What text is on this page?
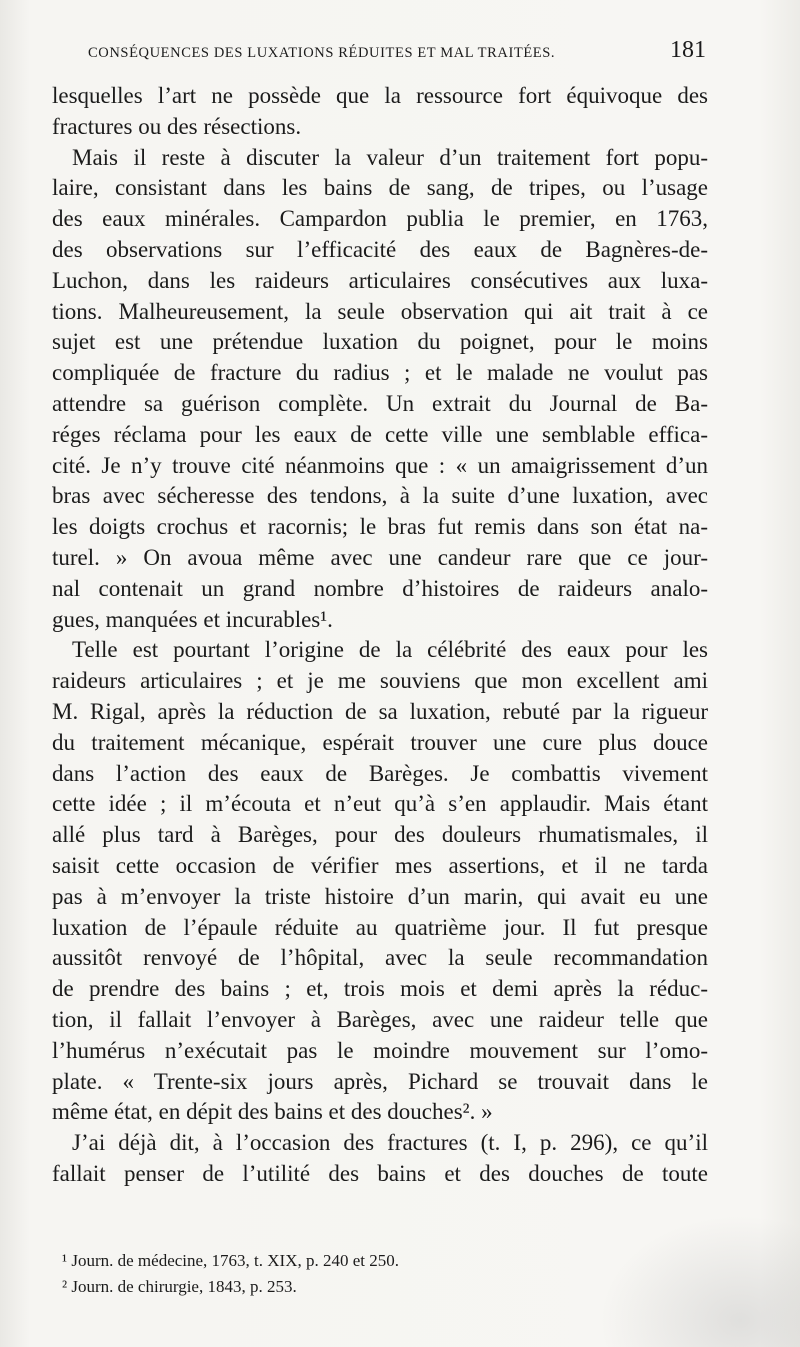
CONSÉQUENCES DES LUXATIONS RÉDUITES ET MAL TRAITÉES.	181
lesquelles l’art ne possède que la ressource fort équivoque des
fractures ou des résections.
Mais il reste à discuter la valeur d’un traitement fort popu-
laire, consistant dans les bains de sang, de tripes, ou l’usage
des eaux minérales. Campardon publia le premier, en 1763,
des observations sur l’efficacité des eaux de Bagnères-de-
Luchon, dans les raideurs articulaires consécutives aux luxa-
tions. Malheureusement, la seule observation qui ait trait à ce
sujet est une prétendue luxation du poignet, pour le moins
compliquée de fracture du radius ; et le malade ne voulut pas
attendre sa guérison complète. Un extrait du Journal de Ba-
réges réclama pour les eaux de cette ville une semblable effica-
cité. Je n’y trouve cité néanmoins que : « un amaigrissement d’un
bras avec sécheresse des tendons, à la suite d’une luxation, avec
les doigts crochus et racornis; le bras fut remis dans son état na-
turel. » On avoua même avec une candeur rare que ce jour-
nal contenait un grand nombre d’histoires de raideurs analo-
gues, manquées et incurables¹.
Telle est pourtant l’origine de la célébrité des eaux pour les
raideurs articulaires ; et je me souviens que mon excellent ami
M. Rigal, après la réduction de sa luxation, rebuté par la rigueur
du traitement mécanique, espérait trouver une cure plus douce
dans l’action des eaux de Barèges. Je combattis vivement
cette idée ; il m’écouta et n’eut qu’à s’en applaudir. Mais étant
allé plus tard à Barèges, pour des douleurs rhumatismales, il
saisit cette occasion de vérifier mes assertions, et il ne tarda
pas à m’envoyer la triste histoire d’un marin, qui avait eu une
luxation de l’épaule réduite au quatrième jour. Il fut presque
aussitôt renvoyé de l’hôpital, avec la seule recommandation
de prendre des bains ; et, trois mois et demi après la réduc-
tion, il fallait l’envoyer à Barèges, avec une raideur telle que
l’humérus n’exécutait pas le moindre mouvement sur l’omo-
plate. « Trente-six jours après, Pichard se trouvait dans le
même état, en dépit des bains et des douches². »
J’ai déjà dit, à l’occasion des fractures (t. I, p. 296), ce qu’il
fallait penser de l’utilité des bains et des douches de toute
¹ Journ. de médecine, 1763, t. XIX, p. 240 et 250.
² Journ. de chirurgie, 1843, p. 253.
